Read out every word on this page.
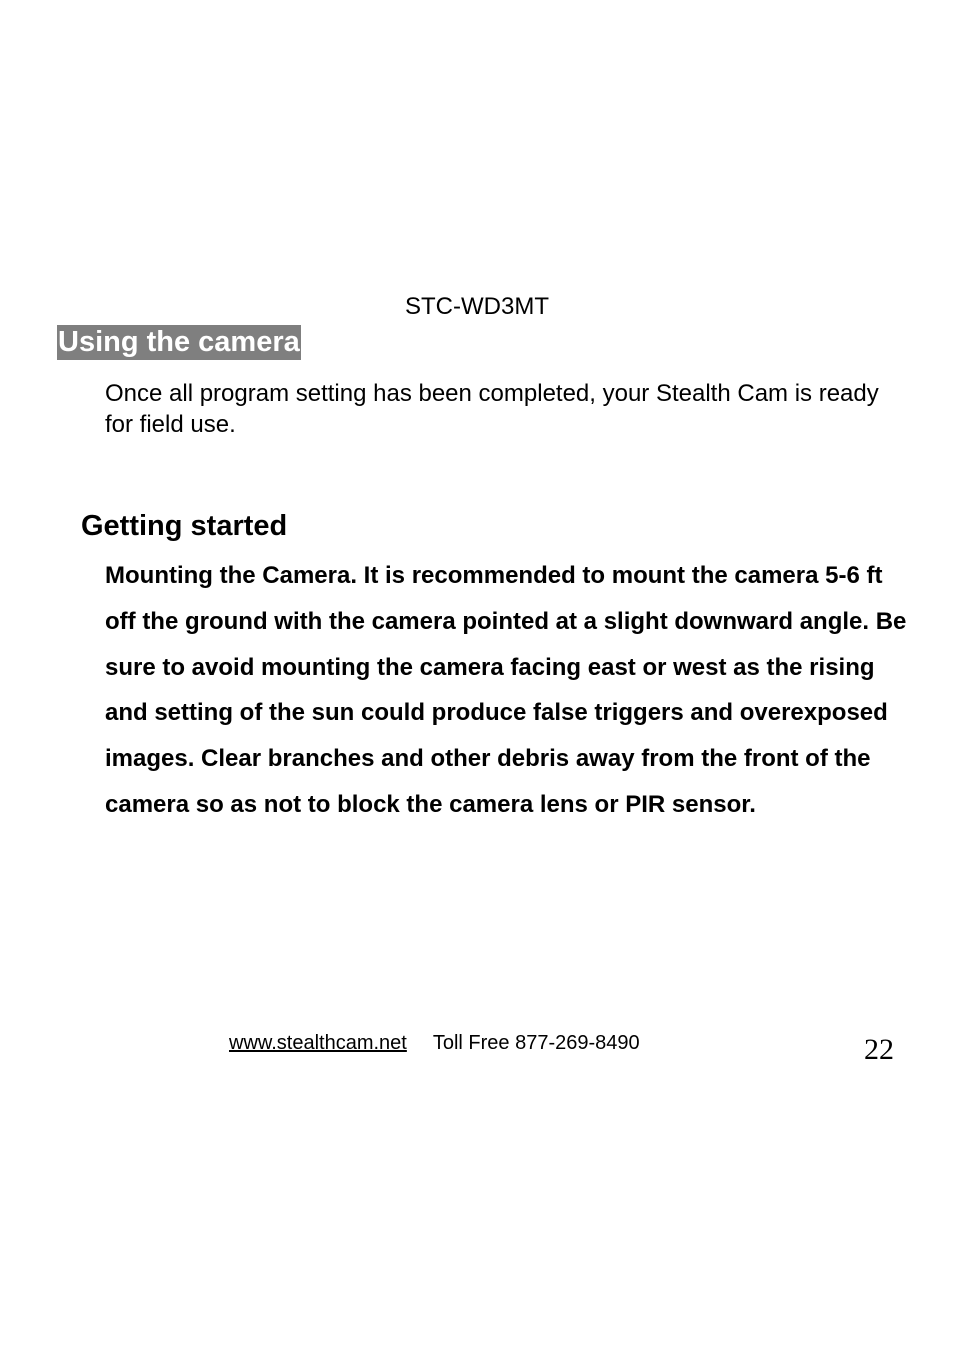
STC-WD3MT
Using the camera

Once all program setting has been completed, your Stealth Cam is ready for field use.

Getting started

Mounting the Camera. It is recommended to mount the camera 5-6 ft off the ground with the camera pointed at a slight downward angle. Be sure to avoid mounting the camera facing east or west as the rising and setting of the sun could produce false triggers and overexposed images. Clear branches and other debris away from the front of the camera so as not to block the camera lens or PIR sensor.

www.stealthcam.net Toll Free 877-269-8490	22
